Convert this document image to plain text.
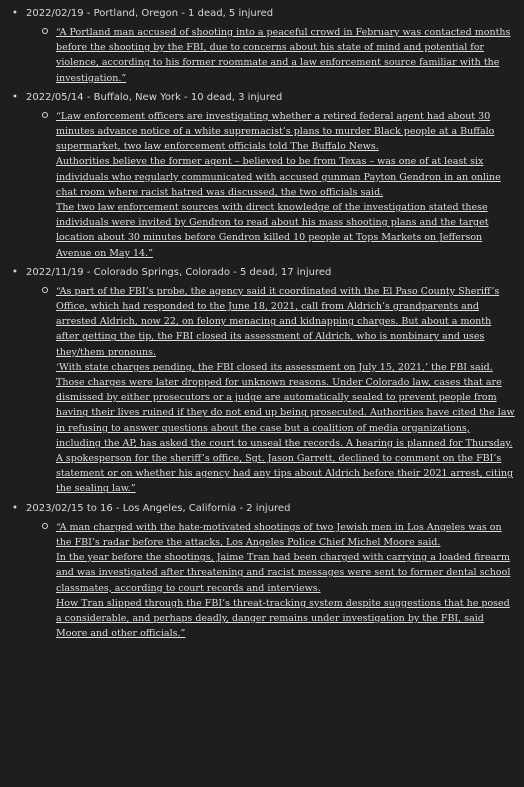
• 2022/02/19 - Portland, Oregon - 1 dead, 5 injured
“A Portland man accused of shooting into a peaceful crowd in February was contacted months before the shooting by the FBI, due to concerns about his state of mind and potential for violence, according to his former roommate and a law enforcement source familiar with the investigation.”
• 2022/05/14 - Buffalo, New York - 10 dead, 3 injured
“Law enforcement officers are investigating whether a retired federal agent had about 30 minutes advance notice of a white supremacist’s plans to murder Black people at a Buffalo supermarket, two law enforcement officials told The Buffalo News.
Authorities believe the former agent – believed to be from Texas – was one of at least six individuals who regularly communicated with accused gunman Payton Gendron in an online chat room where racist hatred was discussed, the two officials said.
The two law enforcement sources with direct knowledge of the investigation stated these individuals were invited by Gendron to read about his mass shooting plans and the target location about 30 minutes before Gendron killed 10 people at Tops Markets on Jefferson Avenue on May 14.”
• 2022/11/19 - Colorado Springs, Colorado - 5 dead, 17 injured
“As part of the FBI’s probe, the agency said it coordinated with the El Paso County Sheriff’s Office, which had responded to the June 18, 2021, call from Aldrich’s grandparents and arrested Aldrich, now 22, on felony menacing and kidnapping charges. But about a month after getting the tip, the FBI closed its assessment of Aldrich, who is nonbinary and uses they/them pronouns.
‘With state charges pending, the FBI closed its assessment on July 15, 2021,’ the FBI said.
Those charges were later dropped for unknown reasons. Under Colorado law, cases that are dismissed by either prosecutors or a judge are automatically sealed to prevent people from having their lives ruined if they do not end up being prosecuted. Authorities have cited the law in refusing to answer questions about the case but a coalition of media organizations, including the AP, has asked the court to unseal the records. A hearing is planned for Thursday.
A spokesperson for the sheriff’s office, Sgt. Jason Garrett, declined to comment on the FBI’s statement or on whether his agency had any tips about Aldrich before their 2021 arrest, citing the sealing law.”
• 2023/02/15 to 16 - Los Angeles, California - 2 injured
“A man charged with the hate-motivated shootings of two Jewish men in Los Angeles was on the FBI’s radar before the attacks, Los Angeles Police Chief Michel Moore said.
In the year before the shootings, Jaime Tran had been charged with carrying a loaded firearm and was investigated after threatening and racist messages were sent to former dental school classmates, according to court records and interviews.
How Tran slipped through the FBI’s threat-tracking system despite suggestions that he posed a considerable, and perhaps deadly, danger remains under investigation by the FBI, said Moore and other officials.”
